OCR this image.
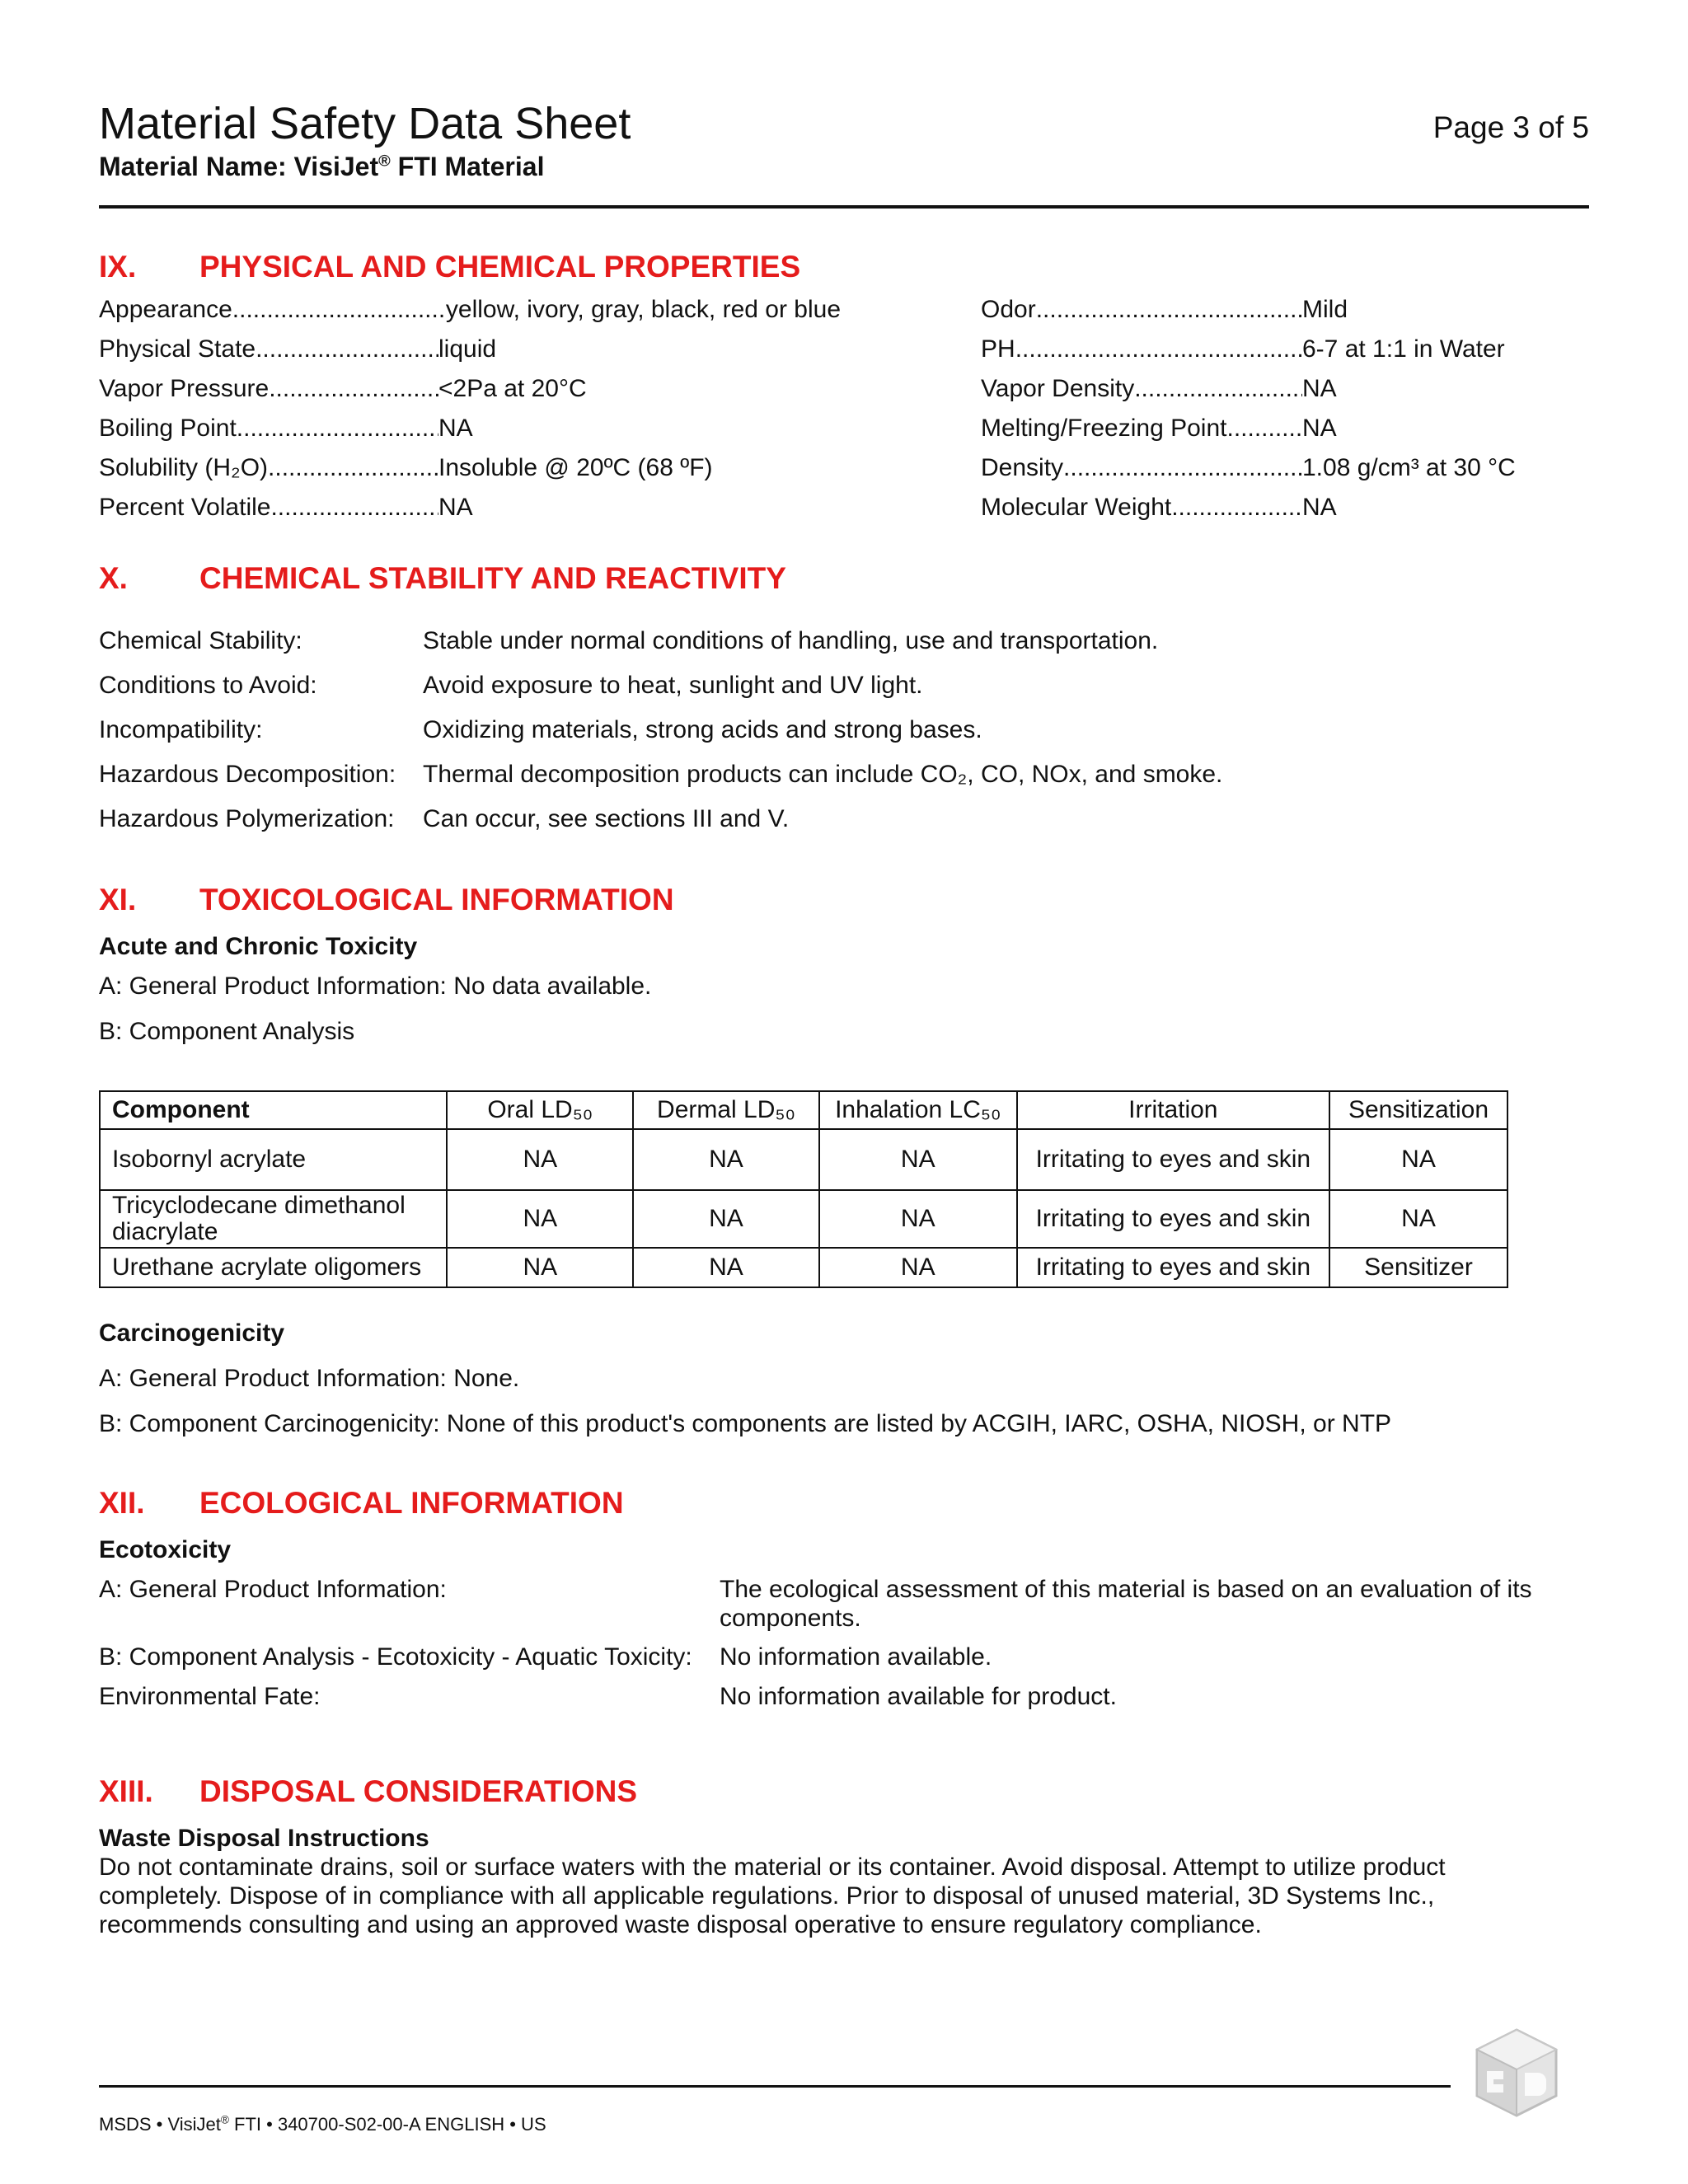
Material Safety Data Sheet	Page 3 of 5
Material Name: VisiJet® FTI Material
IX. PHYSICAL AND CHEMICAL PROPERTIES
Appearance .....	yellow, ivory, gray, black, red or blue
Physical State .....	liquid
Vapor Pressure .....	<2Pa at 20°C
Boiling Point .....	NA
Solubility (H₂O) .....	Insoluble @ 20ºC (68 ºF)
Percent Volatile .....	NA
Odor .....	Mild
PH .....	6-7 at 1:1 in Water
Vapor Density .....	NA
Melting/Freezing Point .....	NA
Density .....	1.08 g/cm³ at 30 °C
Molecular Weight .....	NA
X. CHEMICAL STABILITY AND REACTIVITY
Chemical Stability:	Stable under normal conditions of handling, use and transportation.
Conditions to Avoid:	Avoid exposure to heat, sunlight and UV light.
Incompatibility:	Oxidizing materials, strong acids and strong bases.
Hazardous Decomposition: Thermal decomposition products can include CO₂, CO, NOx, and smoke.
Hazardous Polymerization: Can occur, see sections III and V.
XI. TOXICOLOGICAL INFORMATION
Acute and Chronic Toxicity
A: General Product Information: No data available.
B: Component Analysis
Component	Oral LD₅₀	Dermal LD₅₀	Inhalation LC₅₀	Irritation	Sensitization
Isobornyl acrylate	NA	NA	NA	Irritating to eyes and skin	NA
Tricyclodecane dimethanol diacrylate	NA	NA	NA	Irritating to eyes and skin	NA
Urethane acrylate oligomers	NA	NA	NA	Irritating to eyes and skin	Sensitizer
Carcinogenicity
A: General Product Information: None.
B: Component Carcinogenicity: None of this product's components are listed by ACGIH, IARC, OSHA, NIOSH, or NTP
XII. ECOLOGICAL INFORMATION
Ecotoxicity
A: General Product Information:	The ecological assessment of this material is based on an evaluation of its
components.
B: Component Analysis - Ecotoxicity - Aquatic Toxicity: No information available.
Environmental Fate:	No information available for product.
XIII. DISPOSAL CONSIDERATIONS
Waste Disposal Instructions
Do not contaminate drains, soil or surface waters with the material or its container. Avoid disposal. Attempt to utilize product
completely. Dispose of in compliance with all applicable regulations. Prior to disposal of unused material, 3D Systems Inc.,
recommends consulting and using an approved waste disposal operative to ensure regulatory compliance.
MSDS • VisiJet® FTI • 340700-S02-00-A ENGLISH • US
